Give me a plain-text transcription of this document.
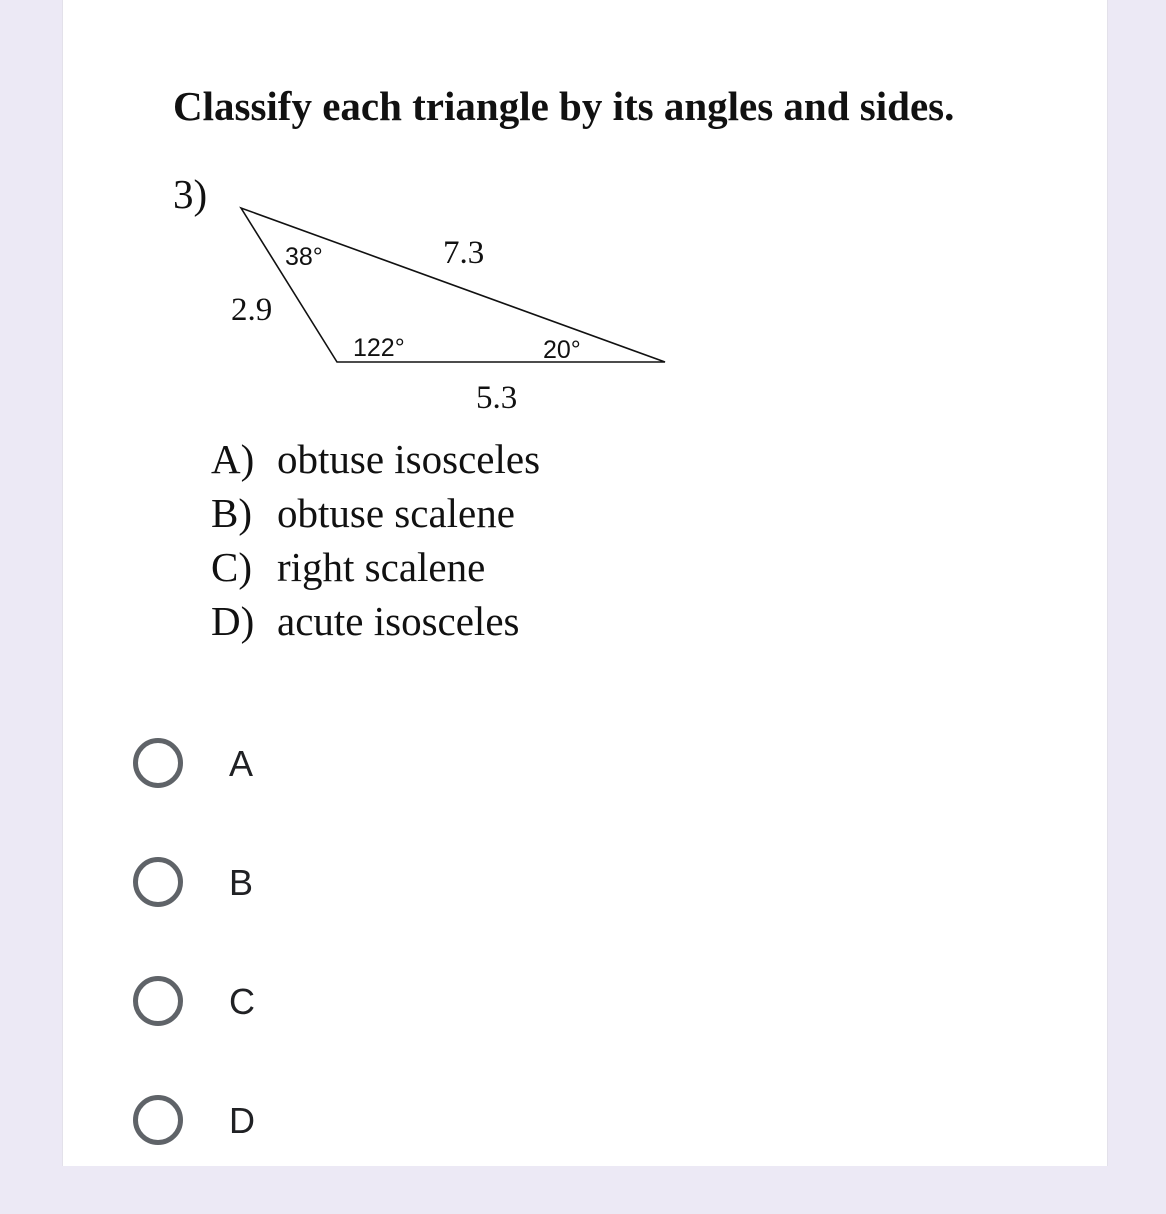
Classify each triangle by its angles and sides.
3)
38°
122°	20°
7.3
2.9
5.3
A) obtuse isosceles
B) obtuse scalene
C) right scalene
D) acute isosceles
A
B
C
D
